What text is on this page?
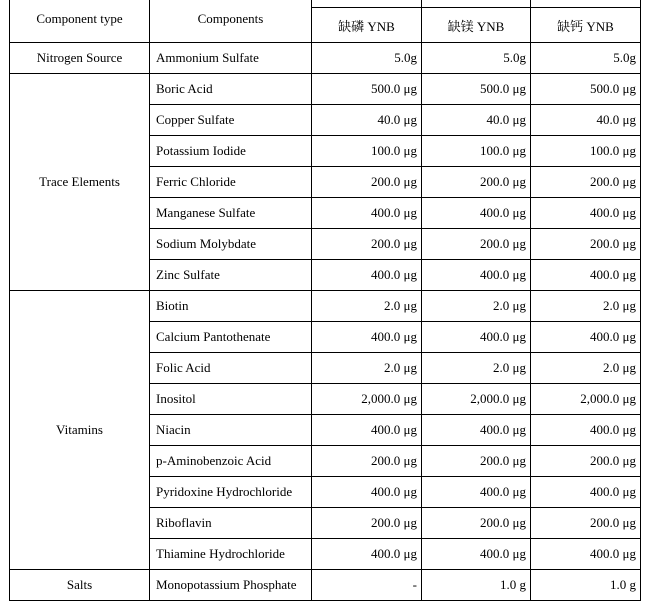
Component type	Components			
		缺磷 YNB	缺镁 YNB	缺钙 YNB
Nitrogen Source	Ammonium Sulfate	5.0g	5.0g	5.0g
Trace Elements	Boric Acid	500.0 μg	500.0 μg	500.0 μg
	Copper Sulfate	40.0 μg	40.0 μg	40.0 μg
	Potassium Iodide	100.0 μg	100.0 μg	100.0 μg
	Ferric Chloride	200.0 μg	200.0 μg	200.0 μg
	Manganese Sulfate	400.0 μg	400.0 μg	400.0 μg
	Sodium Molybdate	200.0 μg	200.0 μg	200.0 μg
	Zinc Sulfate	400.0 μg	400.0 μg	400.0 μg
Vitamins	Biotin	2.0 μg	2.0 μg	2.0 μg
	Calcium Pantothenate	400.0 μg	400.0 μg	400.0 μg
	Folic Acid	2.0 μg	2.0 μg	2.0 μg
	Inositol	2,000.0 μg	2,000.0 μg	2,000.0 μg
	Niacin	400.0 μg	400.0 μg	400.0 μg
	p-Aminobenzoic Acid	200.0 μg	200.0 μg	200.0 μg
	Pyridoxine Hydrochloride	400.0 μg	400.0 μg	400.0 μg
	Riboflavin	200.0 μg	200.0 μg	200.0 μg
	Thiamine Hydrochloride	400.0 μg	400.0 μg	400.0 μg
Salts	Monopotassium Phosphate	-	1.0 g	1.0 g
